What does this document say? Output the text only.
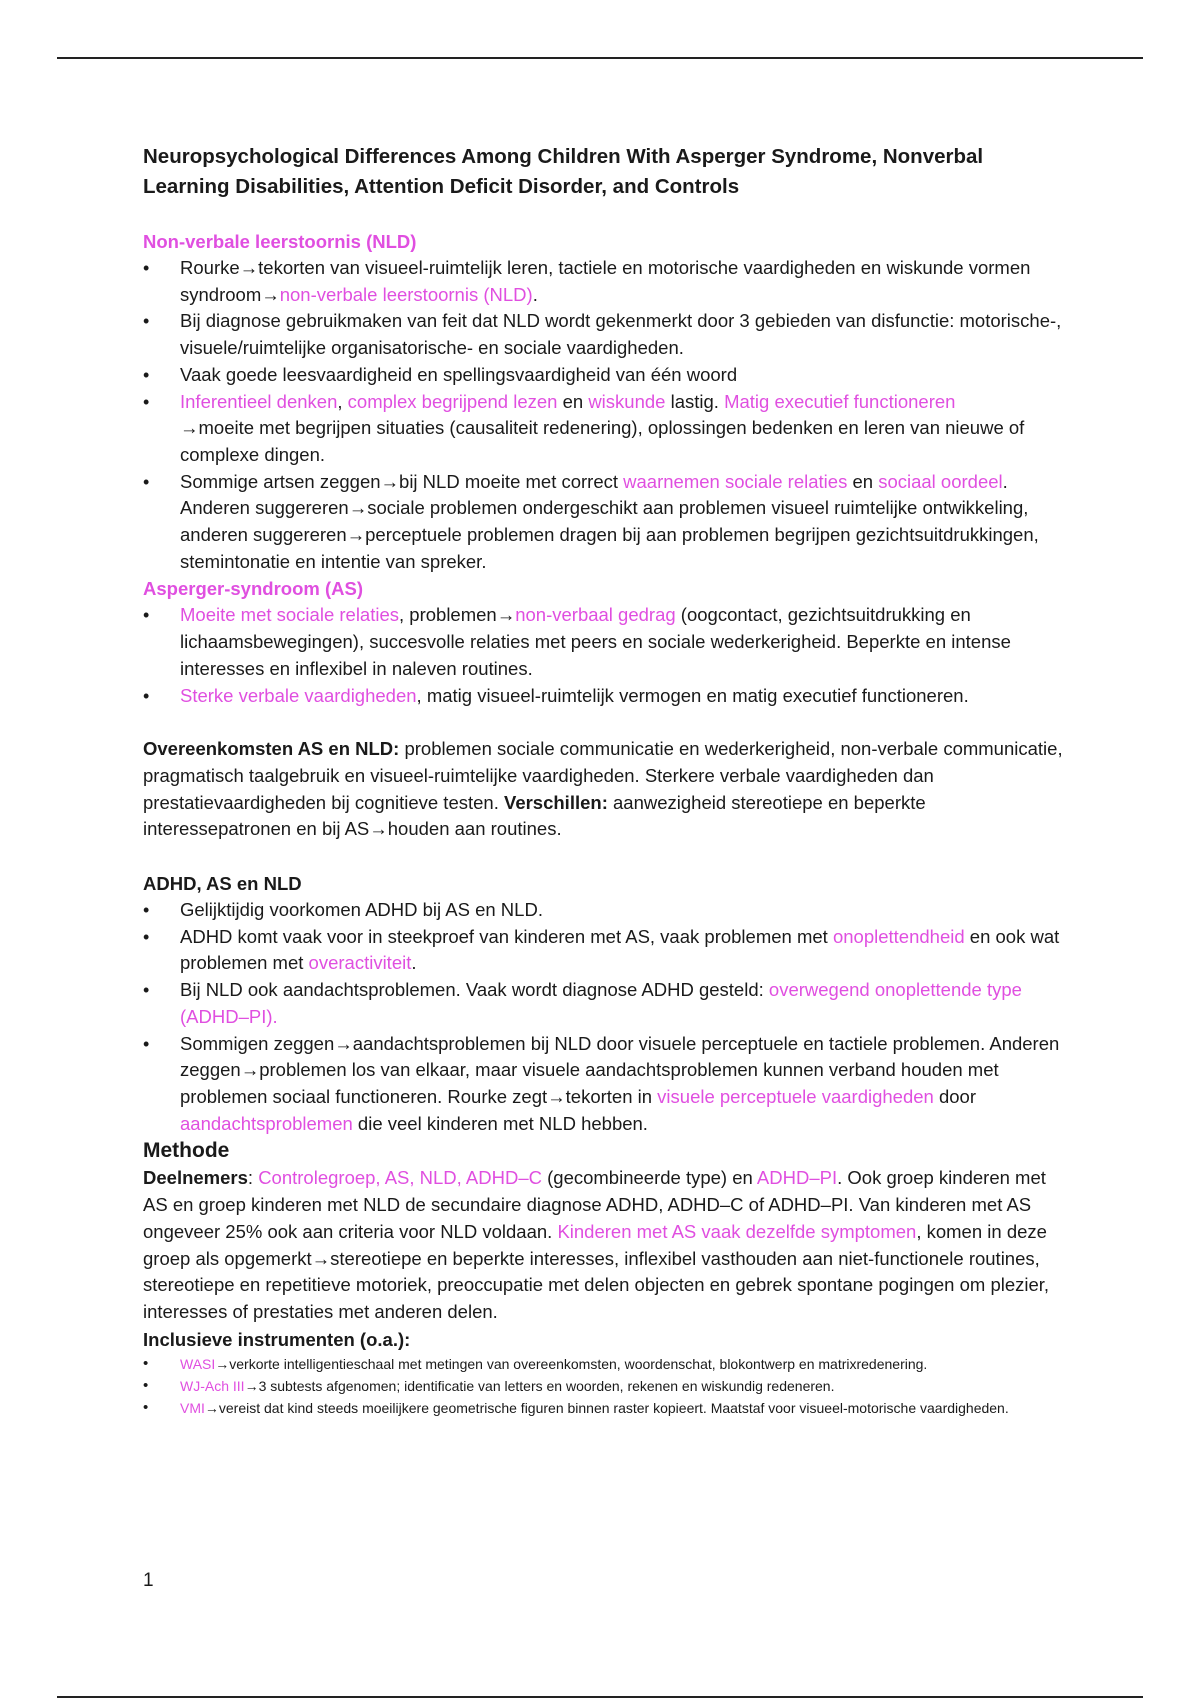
Neuropsychological Differences Among Children With Asperger Syndrome, Nonverbal Learning Disabilities, Attention Deficit Disorder, and Controls
Non-verbale leerstoornis (NLD)
• Rourke→tekorten van visueel-ruimtelijk leren, tactiele en motorische vaardigheden en wiskunde vormen syndroom→non-verbale leerstoornis (NLD).
• Bij diagnose gebruikmaken van feit dat NLD wordt gekenmerkt door 3 gebieden van disfunctie: motorische-, visuele/ruimtelijke organisatorische- en sociale vaardigheden.
• Vaak goede leesvaardigheid en spellingsvaardigheid van één woord
• Inferentieel denken, complex begrijpend lezen en wiskunde lastig. Matig executief functioneren
→moeite met begrijpen situaties (causaliteit redenering), oplossingen bedenken en leren van nieuwe of complexe dingen.
• Sommige artsen zeggen→bij NLD moeite met correct waarnemen sociale relaties en sociaal oordeel. Anderen suggereren→sociale problemen ondergeschikt aan problemen visueel ruimtelijke ontwikkeling, anderen suggereren→perceptuele problemen dragen bij aan problemen begrijpen gezichtsuitdrukkingen, stemintonatie en intentie van spreker.
Asperger-syndroom (AS)
• Moeite met sociale relaties, problemen→non-verbaal gedrag (oogcontact, gezichtsuitdrukking en lichaamsbewegingen), succesvolle relaties met peers en sociale wederkerigheid. Beperkte en intense interesses en inflexibel in naleven routines.
• Sterke verbale vaardigheden, matig visueel-ruimtelijk vermogen en matig executief functioneren.

Overeenkomsten AS en NLD: problemen sociale communicatie en wederkerigheid, non-verbale communicatie, pragmatisch taalgebruik en visueel-ruimtelijke vaardigheden. Sterkere verbale vaardigheden dan prestatievaardigheden bij cognitieve testen. Verschillen: aanwezigheid stereotiepe en beperkte interessepatronen en bij AS→houden aan routines.

ADHD, AS en NLD
• Gelijktijdig voorkomen ADHD bij AS en NLD.
• ADHD komt vaak voor in steekproef van kinderen met AS, vaak problemen met onoplettendheid en ook wat problemen met overactiviteit.
• Bij NLD ook aandachtsproblemen. Vaak wordt diagnose ADHD gesteld: overwegend onoplettende type (ADHD–PI).
• Sommigen zeggen→aandachtsproblemen bij NLD door visuele perceptuele en tactiele problemen. Anderen zeggen→problemen los van elkaar, maar visuele aandachtsproblemen kunnen verband houden met problemen sociaal functioneren. Rourke zegt→tekorten in visuele perceptuele vaardigheden door aandachtsproblemen die veel kinderen met NLD hebben.
Methode

Deelnemers: Controlegroep, AS, NLD, ADHD–C (gecombineerde type) en ADHD–PI. Ook groep kinderen met AS en groep kinderen met NLD de secundaire diagnose ADHD, ADHD–C of ADHD–PI. Van kinderen met AS ongeveer 25% ook aan criteria voor NLD voldaan. Kinderen met AS vaak dezelfde symptomen, komen in deze groep als opgemerkt→stereotiepe en beperkte interesses, inflexibel vasthouden aan niet-functionele routines, stereotiepe en repetitieve motoriek, preoccupatie met delen objecten en gebrek spontane pogingen om plezier, interesses of prestaties met anderen delen.

Inclusieve instrumenten (o.a.):
• WASI→verkorte intelligentieschaal met metingen van overeenkomsten, woordenschat, blokontwerp en matrixredenering.
• WJ-Ach III→3 subtests afgenomen; identificatie van letters en woorden, rekenen en wiskundig redeneren.
• VMI→vereist dat kind steeds moeilijkere geometrische figuren binnen raster kopieert. Maatstaf voor visueel-motorische vaardigheden.
1
